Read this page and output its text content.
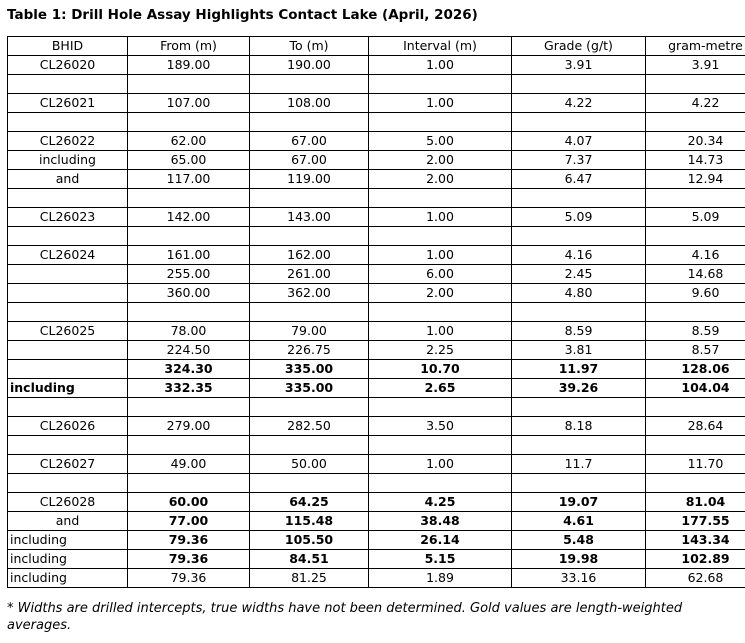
Table 1: Drill Hole Assay Highlights Contact Lake (April, 2026)
BHID	From (m)	To (m)	Interval (m)	Grade (g/t)	gram-metre
CL26020	189.00	190.00	1.00	3.91	3.91

CL26021	107.00	108.00	1.00	4.22	4.22

CL26022	62.00	67.00	5.00	4.07	20.34
including	65.00	67.00	2.00	7.37	14.73
and	117.00	119.00	2.00	6.47	12.94

CL26023	142.00	143.00	1.00	5.09	5.09

CL26024	161.00	162.00	1.00	4.16	4.16
	255.00	261.00	6.00	2.45	14.68
	360.00	362.00	2.00	4.80	9.60

CL26025	78.00	79.00	1.00	8.59	8.59
	224.50	226.75	2.25	3.81	8.57
	324.30	335.00	10.70	11.97	128.06
including	332.35	335.00	2.65	39.26	104.04

CL26026	279.00	282.50	3.50	8.18	28.64

CL26027	49.00	50.00	1.00	11.7	11.70

CL26028	60.00	64.25	4.25	19.07	81.04
and	77.00	115.48	38.48	4.61	177.55
including	79.36	105.50	26.14	5.48	143.34
including	79.36	84.51	5.15	19.98	102.89
including	79.36	81.25	1.89	33.16	62.68
* Widths are drilled intercepts, true widths have not been determined. Gold values are length-weighted averages.
